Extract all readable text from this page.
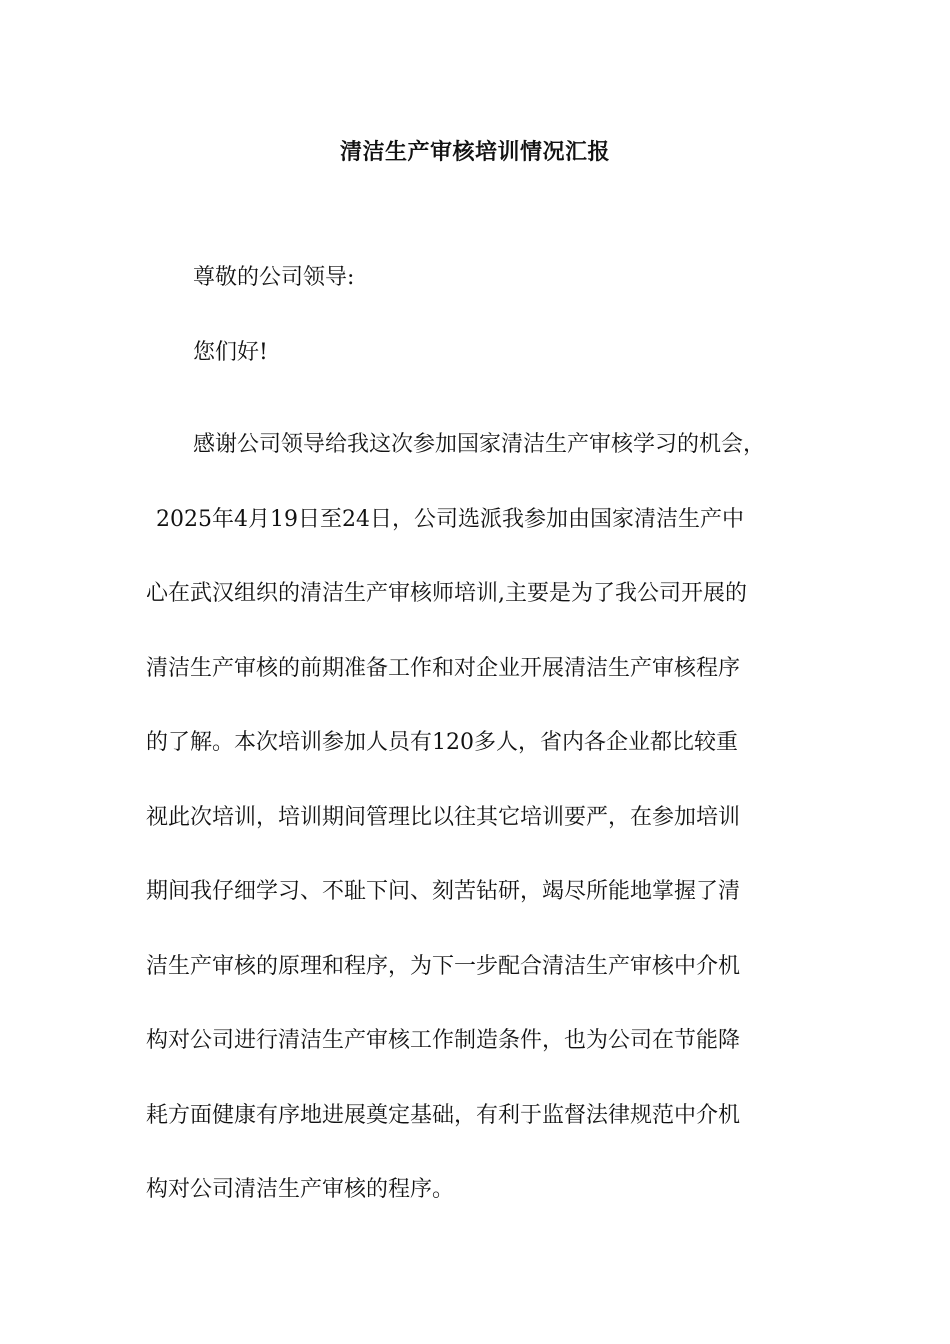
清洁生产审核培训情况汇报
尊敬的公司领导:
您们好!
感谢公司领导给我这次参加国家清洁生产审核学习的机会，
2025年4月19日至24日，公司选派我参加由国家清洁生产中
心在武汉组织的清洁生产审核师培训,主要是为了我公司开展的
清洁生产审核的前期准备工作和对企业开展清洁生产审核程序
的了解。本次培训参加人员有120多人，省内各企业都比较重
视此次培训，培训期间管理比以往其它培训要严，在参加培训
期间我仔细学习、不耻下问、刻苦钻研，竭尽所能地掌握了清
洁生产审核的原理和程序，为下一步配合清洁生产审核中介机
构对公司进行清洁生产审核工作制造条件，也为公司在节能降
耗方面健康有序地进展奠定基础，有利于监督法律规范中介机
构对公司清洁生产审核的程序。
